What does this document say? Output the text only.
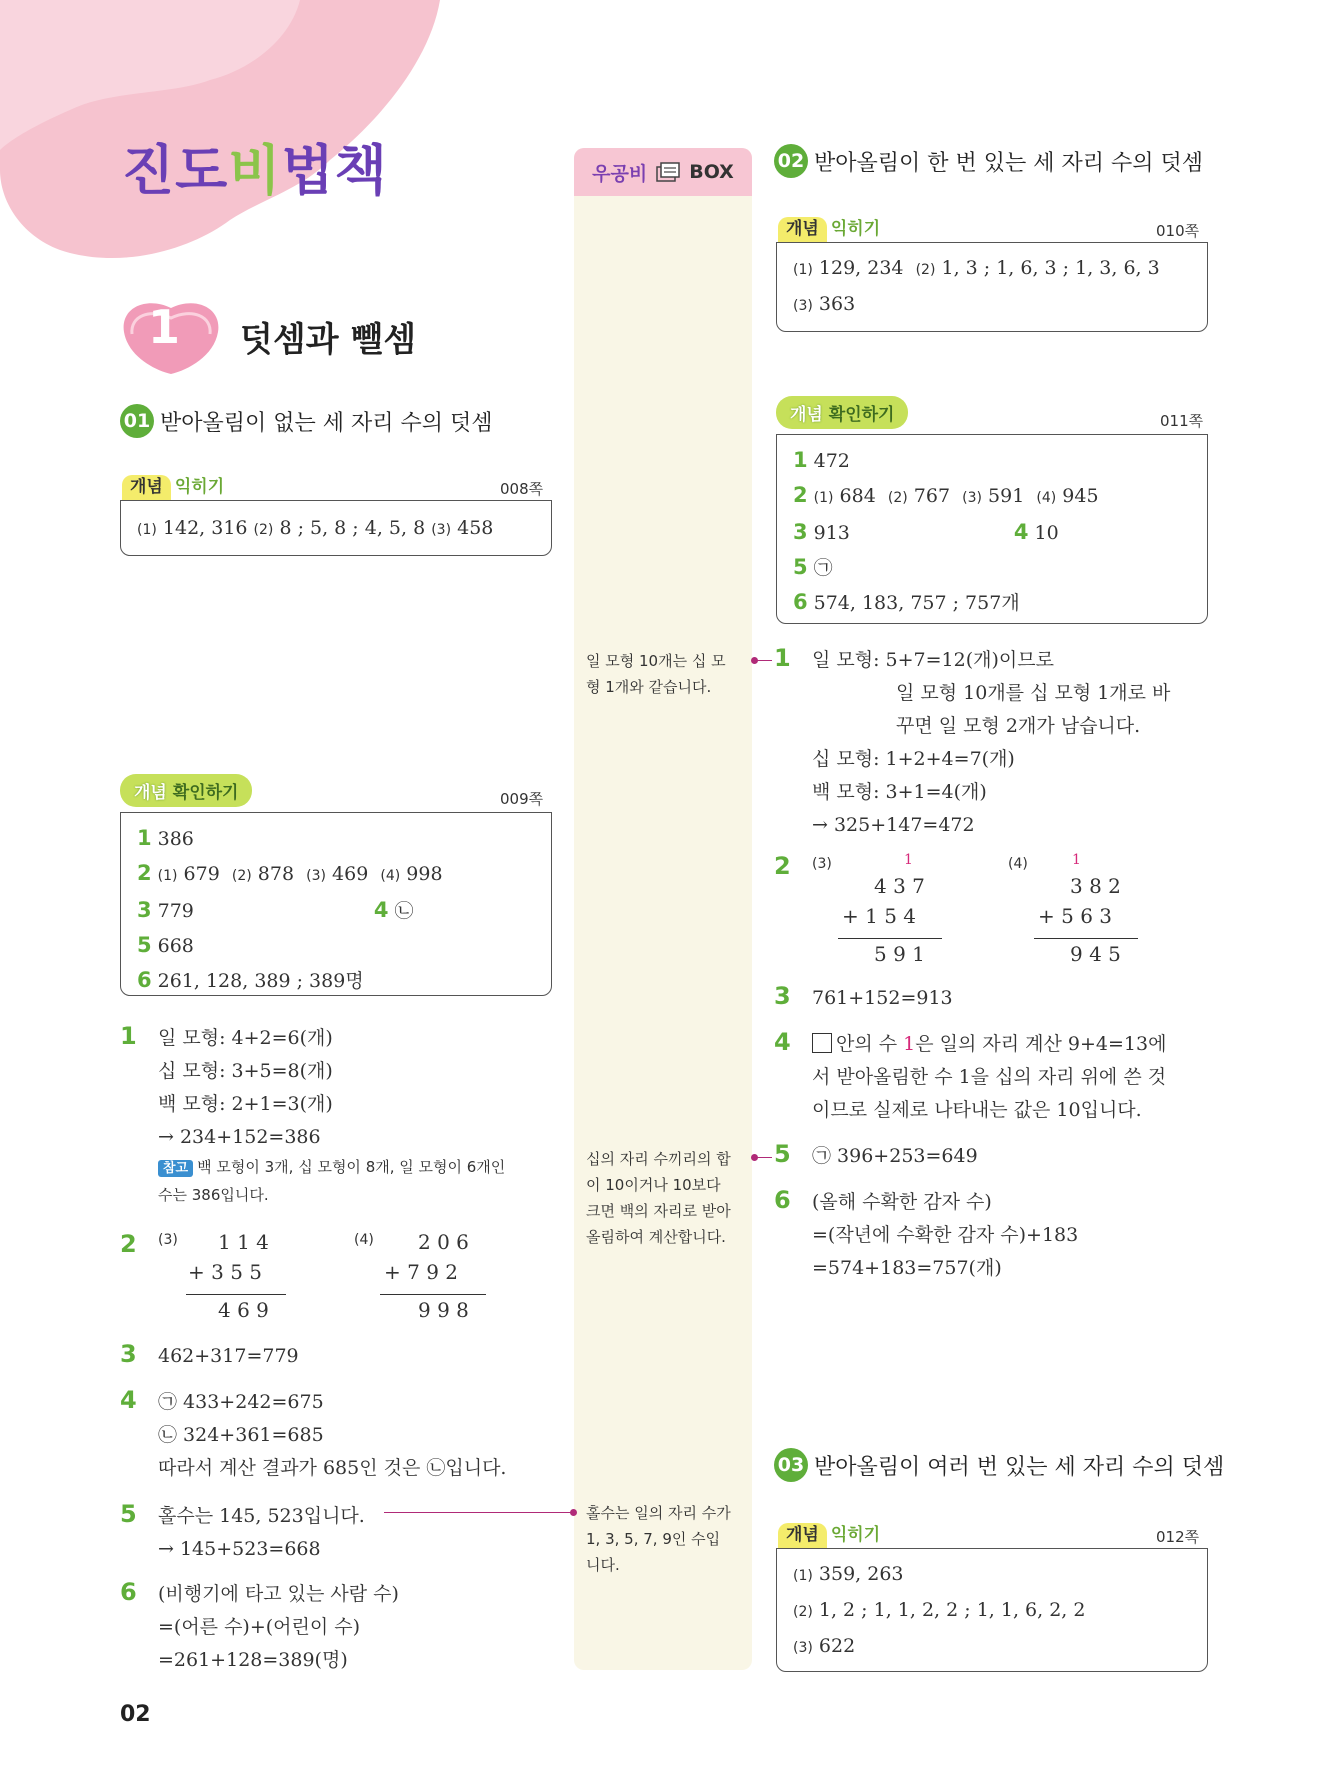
진도비법책
1 덧셈과 뺄셈
01 받아올림이 없는 세 자리 수의 덧셈
개념 익히기	008쪽
(1) 142, 316 (2) 8 ; 5, 8 ; 4, 5, 8 (3) 458
개념 확인하기	009쪽
1 386
2 (1) 679 (2) 878 (3) 469 (4) 998
3 779	4 ㉡
5 668
6 261, 128, 389 ; 389명
1 일 모형: 4+2=6(개)
십 모형: 3+5=8(개)
백 모형: 2+1=3(개)
→ 234+152=386
참고 백 모형이 3개, 십 모형이 8개, 일 모형이 6개인
수는 386입니다.
2 (3) 1 1 4
+ 3 5 5
4 6 9
(4) 2 0 6
+ 7 9 2
9 9 8
3 462+317=779
4 ㉠ 433+242=675
㉡ 324+361=685
따라서 계산 결과가 685인 것은 ㉡입니다.
5 홀수는 145, 523입니다.
→ 145+523=668
6 (비행기에 타고 있는 사람 수)
=(어른 수)+(어린이 수)
=261+128=389(명)
우공비 BOX
일 모형 10개는 십 모
형 1개와 같습니다.
십의 자리 수끼리의 합
이 10이거나 10보다
크면 백의 자리로 받아
올림하여 계산합니다.
홀수는 일의 자리 수가
1, 3, 5, 7, 9인 수입
니다.
02 받아올림이 한 번 있는 세 자리 수의 덧셈
개념 익히기	010쪽
(1) 129, 234 (2) 1, 3 ; 1, 6, 3 ; 1, 3, 6, 3
(3) 363
개념 확인하기	011쪽
1 472
2 (1) 684 (2) 767 (3) 591 (4) 945
3 913	4 10
5 ㉠
6 574, 183, 757 ; 757개
1 일 모형: 5+7=12(개)이므로
일 모형 10개를 십 모형 1개로 바
꾸면 일 모형 2개가 남습니다.
십 모형: 1+2+4=7(개)
백 모형: 3+1=4(개)
→ 325+147=472
2 (3)	1
4 3 7
+ 1 5 4
5 9 1
(4)	1
3 8 2
+ 5 6 3
9 4 5
3 761+152=913
4	안의 수 1은 일의 자리 계산 9+4=13에
서 받아올림한 수 1을 십의 자리 위에 쓴 것
이므로 실제로 나타내는 값은 10입니다.
5 ㉠ 396+253=649
6 (올해 수확한 감자 수)
=(작년에 수확한 감자 수)+183
=574+183=757(개)
03 받아올림이 여러 번 있는 세 자리 수의 덧셈
개념 익히기	012쪽
(1) 359, 263
(2) 1, 2 ; 1, 1, 2, 2 ; 1, 1, 6, 2, 2
(3) 622
02
